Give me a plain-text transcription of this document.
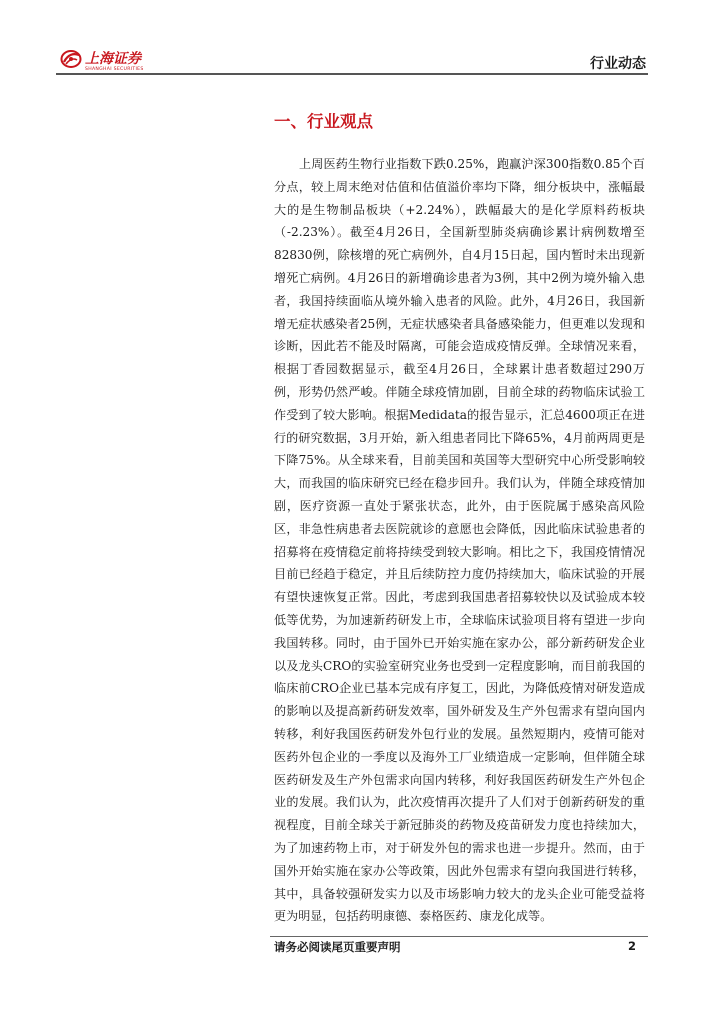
上海证券
SHANGHAI SECURITIES	行业动态
一、行业观点

上周医药生物行业指数下跌0.25%，跑赢沪深300指数0.85个百分点，较上周末绝对估值和估值溢价率均下降，细分板块中，涨幅最大的是生物制品板块（+2.24%），跌幅最大的是化学原料药板块（-2.23%）。截至4月26日，全国新型肺炎病确诊累计病例数增至82830例，除核增的死亡病例外，自4月15日起，国内暂时未出现新增死亡病例。4月26日的新增确诊患者为3例，其中2例为境外输入患者，我国持续面临从境外输入患者的风险。此外，4月26日，我国新增无症状感染者25例，无症状感染者具备感染能力，但更难以发现和诊断，因此若不能及时隔离，可能会造成疫情反弹。全球情况来看，根据丁香园数据显示，截至4月26日，全球累计患者数超过290万例，形势仍然严峻。伴随全球疫情加剧，目前全球的药物临床试验工作受到了较大影响。根据Medidata的报告显示，汇总4600项正在进行的研究数据，3月开始，新入组患者同比下降65%，4月前两周更是下降75%。从全球来看，目前美国和英国等大型研究中心所受影响较大，而我国的临床研究已经在稳步回升。我们认为，伴随全球疫情加剧，医疗资源一直处于紧张状态，此外，由于医院属于感染高风险区，非急性病患者去医院就诊的意愿也会降低，因此临床试验患者的招募将在疫情稳定前将持续受到较大影响。相比之下，我国疫情情况目前已经趋于稳定，并且后续防控力度仍持续加大，临床试验的开展有望快速恢复正常。因此，考虑到我国患者招募较快以及试验成本较低等优势，为加速新药研发上市，全球临床试验项目将有望进一步向我国转移。同时，由于国外已开始实施在家办公，部分新药研发企业以及龙头CRO的实验室研究业务也受到一定程度影响，而目前我国的临床前CRO企业已基本完成有序复工，因此，为降低疫情对研发造成的影响以及提高新药研发效率，国外研发及生产外包需求有望向国内转移，利好我国医药研发外包行业的发展。虽然短期内，疫情可能对医药外包企业的一季度以及海外工厂业绩造成一定影响，但伴随全球医药研发及生产外包需求向国内转移，利好我国医药研发生产外包企业的发展。我们认为，此次疫情再次提升了人们对于创新药研发的重视程度，目前全球关于新冠肺炎的药物及疫苗研发力度也持续加大，为了加速药物上市，对于研发外包的需求也进一步提升。然而，由于国外开始实施在家办公等政策，因此外包需求有望向我国进行转移，其中，具备较强研发实力以及市场影响力较大的龙头企业可能受益将更为明显，包括药明康德、泰格医药、康龙化成等。

请务必阅读尾页重要声明	2
